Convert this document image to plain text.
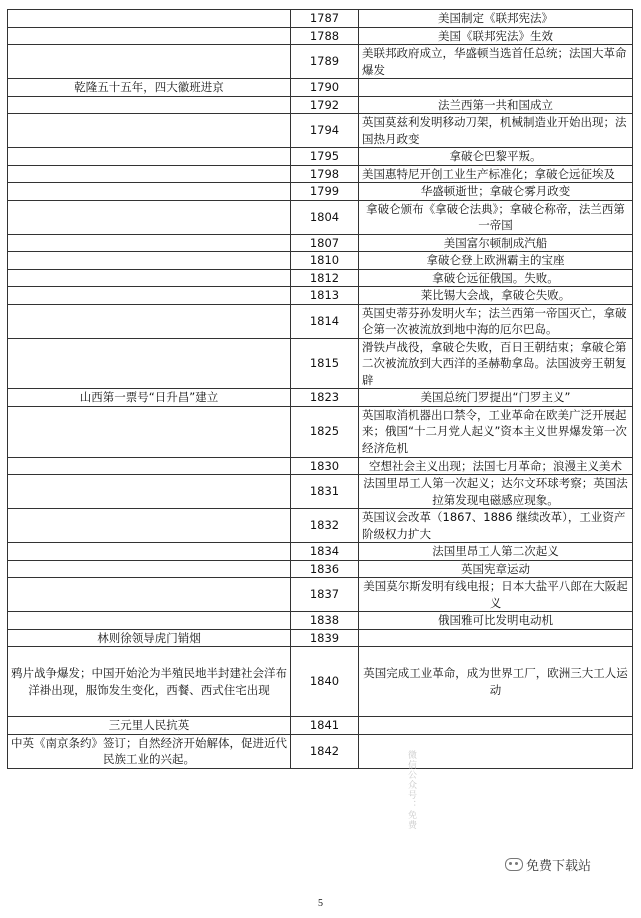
	1787	美国制定《联邦宪法》
	1788	美国《联邦宪法》生效
	1789	美联邦政府成立，华盛顿当选首任总统；法国大革命爆发
乾隆五十五年，四大徽班进京	1790	
	1792	法兰西第一共和国成立
	1794	英国莫兹利发明移动刀架，机械制造业开始出现；法国热月政变
	1795	拿破仑巴黎平叛。
	1798	美国惠特尼开创工业生产标准化；拿破仑远征埃及
	1799	华盛顿逝世；拿破仑雾月政变
	1804	拿破仑颁布《拿破仑法典》；拿破仑称帝，法兰西第一帝国
	1807	美国富尔顿制成汽船
	1810	拿破仑登上欧洲霸主的宝座
	1812	拿破仑远征俄国。失败。
	1813	莱比锡大会战，拿破仑失败。
	1814	英国史蒂芬孙发明火车；法兰西第一帝国灭亡，拿破仑第一次被流放到地中海的厄尔巴岛。
	1815	滑铁卢战役，拿破仑失败，百日王朝结束；拿破仑第二次被流放到大西洋的圣赫勒拿岛。法国波旁王朝复辟
山西第一票号“日升昌”建立	1823	美国总统门罗提出“门罗主义”
	1825	英国取消机器出口禁令，工业革命在欧美广泛开展起来；俄国“十二月党人起义”资本主义世界爆发第一次经济危机
	1830	空想社会主义出现；法国七月革命；浪漫主义美术
	1831	法国里昂工人第一次起义；达尔文环球考察；英国法拉第发现电磁感应现象。
	1832	英国议会改革（1867、1886 继续改革），工业资产阶级权力扩大
	1834	法国里昂工人第二次起义
	1836	英国宪章运动
	1837	美国莫尔斯发明有线电报；日本大盐平八郎在大阪起义
	1838	俄国雅可比发明电动机
林则徐领导虎门销烟	1839	
鸦片战争爆发；中国开始沦为半殖民地半封建社会洋布洋褂出现，服饰发生变化，西餐、西式住宅出现	1840	英国完成工业革命，成为世界工厂，欧洲三大工人运动
三元里人民抗英	1841	
中英《南京条约》签订；自然经济开始解体，促进近代民族工业的兴起。	1842		微信公众号：免费
免费下载站
5
